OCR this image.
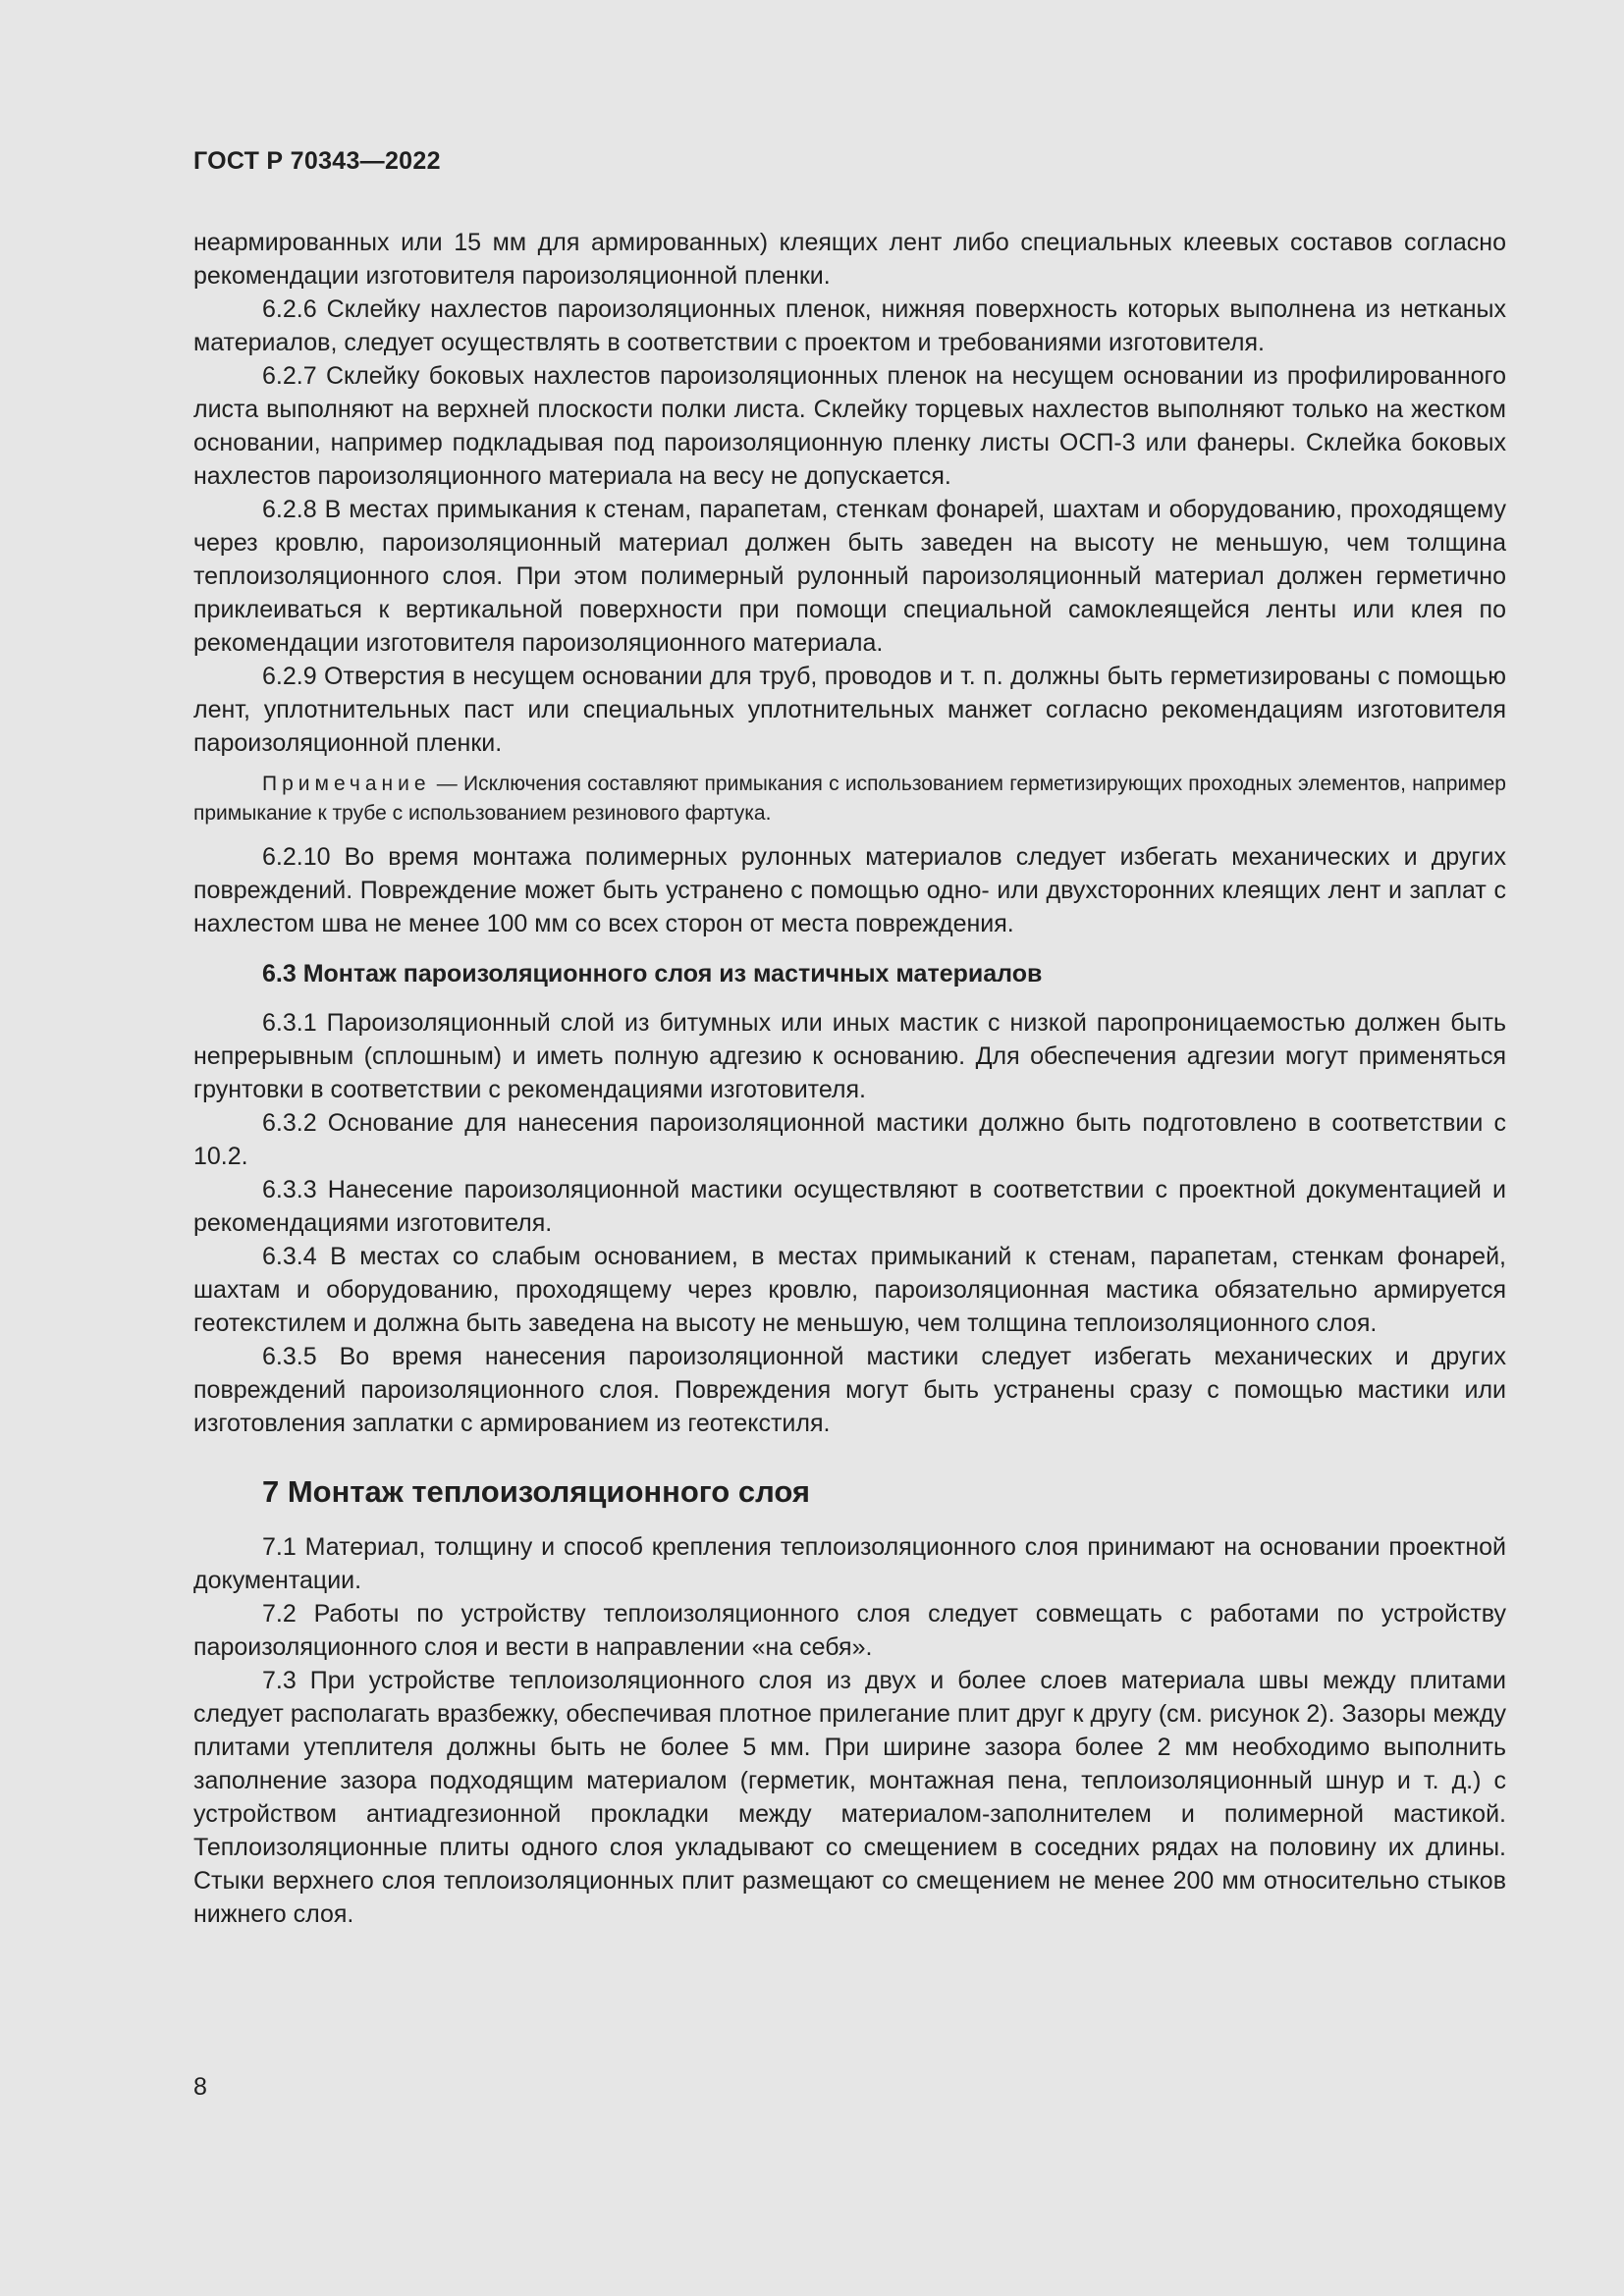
ГОСТ Р 70343—2022

неармированных или 15 мм для армированных) клеящих лент либо специальных клеевых составов согласно рекомендации изготовителя пароизоляционной пленки.

6.2.6 Склейку нахлестов пароизоляционных пленок, нижняя поверхность которых выполнена из нетканых материалов, следует осуществлять в соответствии с проектом и требованиями изготовителя.

6.2.7 Склейку боковых нахлестов пароизоляционных пленок на несущем основании из профилированного листа выполняют на верхней плоскости полки листа. Склейку торцевых нахлестов выполняют только на жестком основании, например подкладывая под пароизоляционную пленку листы ОСП-3 или фанеры. Склейка боковых нахлестов пароизоляционного материала на весу не допускается.

6.2.8 В местах примыкания к стенам, парапетам, стенкам фонарей, шахтам и оборудованию, проходящему через кровлю, пароизоляционный материал должен быть заведен на высоту не меньшую, чем толщина теплоизоляционного слоя. При этом полимерный рулонный пароизоляционный материал должен герметично приклеиваться к вертикальной поверхности при помощи специальной самоклеящейся ленты или клея по рекомендации изготовителя пароизоляционного материала.

6.2.9 Отверстия в несущем основании для труб, проводов и т. п. должны быть герметизированы с помощью лент, уплотнительных паст или специальных уплотнительных манжет согласно рекомендациям изготовителя пароизоляционной пленки.

Примечание — Исключения составляют примыкания с использованием герметизирующих проходных элементов, например примыкание к трубе с использованием резинового фартука.

6.2.10 Во время монтажа полимерных рулонных материалов следует избегать механических и других повреждений. Повреждение может быть устранено с помощью одно- или двухсторонних клеящих лент и заплат с нахлестом шва не менее 100 мм со всех сторон от места повреждения.

6.3 Монтаж пароизоляционного слоя из мастичных материалов

6.3.1 Пароизоляционный слой из битумных или иных мастик с низкой паропроницаемостью должен быть непрерывным (сплошным) и иметь полную адгезию к основанию. Для обеспечения адгезии могут применяться грунтовки в соответствии с рекомендациями изготовителя.

6.3.2 Основание для нанесения пароизоляционной мастики должно быть подготовлено в соответствии с 10.2.

6.3.3 Нанесение пароизоляционной мастики осуществляют в соответствии с проектной документацией и рекомендациями изготовителя.

6.3.4 В местах со слабым основанием, в местах примыканий к стенам, парапетам, стенкам фонарей, шахтам и оборудованию, проходящему через кровлю, пароизоляционная мастика обязательно армируется геотекстилем и должна быть заведена на высоту не меньшую, чем толщина теплоизоляционного слоя.

6.3.5 Во время нанесения пароизоляционной мастики следует избегать механических и других повреждений пароизоляционного слоя. Повреждения могут быть устранены сразу с помощью мастики или изготовления заплатки с армированием из геотекстиля.

7 Монтаж теплоизоляционного слоя

7.1 Материал, толщину и способ крепления теплоизоляционного слоя принимают на основании проектной документации.

7.2 Работы по устройству теплоизоляционного слоя следует совмещать с работами по устройству пароизоляционного слоя и вести в направлении «на себя».

7.3 При устройстве теплоизоляционного слоя из двух и более слоев материала швы между плитами следует располагать вразбежку, обеспечивая плотное прилегание плит друг к другу (см. рисунок 2). Зазоры между плитами утеплителя должны быть не более 5 мм. При ширине зазора более 2 мм необходимо выполнить заполнение зазора подходящим материалом (герметик, монтажная пена, теплоизоляционный шнур и т. д.) с устройством антиадгезионной прокладки между материалом-заполнителем и полимерной мастикой. Теплоизоляционные плиты одного слоя укладывают со смещением в соседних рядах на половину их длины. Стыки верхнего слоя теплоизоляционных плит размещают со смещением не менее 200 мм относительно стыков нижнего слоя.

8
